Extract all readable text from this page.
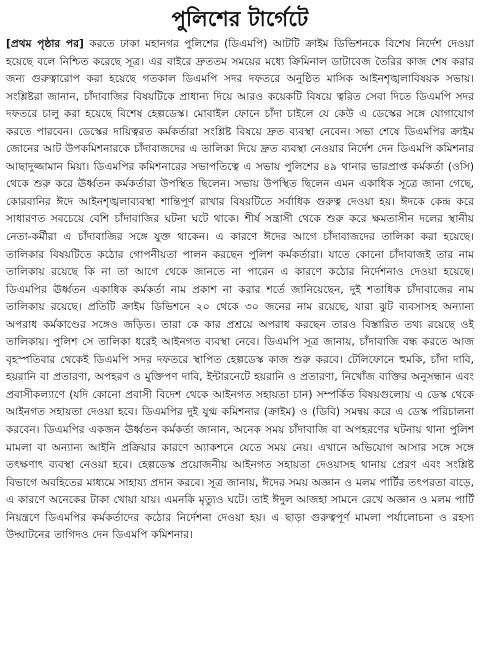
পুলিশের টার্গেটে

[প্রথম পৃষ্ঠার পর] করতে ঢাকা মহানগর পুলিশের (ডিএমপি) আটটি ক্রাইম ডিভিশনকে বিশেষ নির্দেশ দেওয়া হয়েছে বলে নিশ্চিত করেছে সূত্র। এর বাইরে দ্রুততম সময়ের মধ্যে ক্রিমিনাল ডাটাবেজ তৈরির কাজ শেষ করার জন্য গুরুত্বারোপ করা হয়েছে গতকাল ডিএমপি সদর দফতরে অনুষ্ঠিত মাসিক আইনশৃঙ্খলাবিষয়ক সভায়। সংশ্লিষ্টরা জানান, চাঁদাবাজির বিষয়টিকে প্রাধান্য দিয়ে আরও কয়েকটি বিষয়ে ত্বরিত সেবা দিতে ডিএমপি সদর দফতরে চালু করা হয়েছে বিশেষ হেল্পডেস্ক। মোবাইল ফোনে চাঁদা চাইলে যে কেউ এ ডেস্কের সঙ্গে যোগাযোগ করতে পারবেন। ডেস্কের দায়িত্বরত কর্মকর্তারা সংশ্লিষ্ট বিষয়ে দ্রুত ব্যবস্থা নেবেন। সভা শেষে ডিএমপির ক্রাইম জোনের আট উপকমিশনারকে চাঁদাবাজদের এ তালিকা দিয়ে দ্রুত ব্যবস্থা নেওয়ার নির্দেশ দেন ডিএমপি কমিশনার আছাদুজ্জামান মিয়া। ডিএমপির কমিশনারের সভাপতিত্বে এ সভায় পুলিশের ৪৯ থানার ভারপ্রাপ্ত কর্মকর্তা (ওসি) থেকে শুরু করে ঊর্ধ্বতন কর্মকর্তারা উপস্থিত ছিলেন। সভায় উপস্থিত ছিলেন এমন একাধিক সূত্রে জানা গেছে, কোরবানির ঈদে আইনশৃঙ্খলাব্যবস্থা শান্তিপূর্ণ রাখার বিষয়টিতে সর্বাধিক গুরুত্ব দেওয়া হয়। ঈদকে কেন্দ্র করে সাধারণত সবচেয়ে বেশি চাঁদাবাজির ঘটনা ঘটে থাকে। শীর্ষ সন্ত্রাসী থেকে শুরু করে ক্ষমতাসীন দলের স্থানীয় নেতা-কর্মীরা এ চাঁদাবাজির সঙ্গে যুক্ত থাকেন। এ কারণে ঈদের আগে চাঁদাবাজদের তালিকা করা হয়েছে। তালিকার বিষয়টিতে কঠোর গোপনীয়তা পালন করছেন পুলিশ কর্মকর্তারা। যাতে কোনো চাঁদাবাজই তার নাম তালিকায় রয়েছে কি না তা আগে থেকে জানতে না পারেন এ কারণে কঠোর নির্দেশনাও দেওয়া হয়েছে। ডিএমপির ঊর্ধ্বতন একাধিক কর্মকর্তা নাম প্রকাশ না করার শর্তে জানিয়েছেন, দুই শতাধিক চাঁদাবাজের নাম তালিকায় রয়েছে। প্রতিটি ক্রাইম ডিভিশনে ২০ থেকে ৩০ জনের নাম রয়েছে, যারা ঝুট ব্যবসাসহ অন্যান্য অপরাধ কর্মকাণ্ডের সঙ্গেও জড়িত। তারা কে কার প্রশ্রয়ে অপরাধ করছেন তারও বিস্তারিত তথ্য রয়েছে ওই তালিকায়। পুলিশ সে তালিকা ধরেই আইনগত ব্যবস্থা নেবে। ডিএমপি সূত্র জানায়, চাঁদাবাজি বন্ধ করতে আজ বৃহস্পতিবার থেকেই ডিএমপি সদর দফতরে স্থাপিত হেল্পডেস্ক কাজ শুরু করবে। টেলিফোনে হুমকি, চাঁদা দাবি, হয়রানি বা প্রতারণা, অপহরণ ও মুক্তিপণ দাবি, ইন্টারনেটে হয়রানি ও প্রতারণা, নিখোঁজ ব্যক্তির অনুসন্ধান এবং প্রবাসীকল্যাণে (যদি কোনো প্রবাসী বিদেশ থেকে আইনগত সহায়তা চান) সম্পর্কিত বিষয়গুলোয় এ ডেস্ক থেকে আইনগত সহায়তা দেওয়া হবে। ডিএমপির দুই যুগ্ম কমিশনার (ক্রাইম) ও (ডিবি) সমন্বয় করে এ ডেস্ক পরিচালনা করবেন। ডিএমপির একজন ঊর্ধ্বতন কর্মকর্তা জানান, অনেক সময় চাঁদাবাজি বা অপহরণের ঘটনায় থানা পুলিশ মামলা বা অন্যান্য আইনি প্রক্রিয়ার কারণে অ্যাকশনে যেতে সময় নেয়। এখানে অভিযোগ আসার সঙ্গে সঙ্গে তৎক্ষণাৎ ব্যবস্থা নেওয়া হবে। হেল্পডেস্ক প্রয়োজনীয় আইনগত সহায়তা দেওয়াসহ থানায় প্রেরণ এবং সংশ্লিষ্ট বিভাগে অবহিতের মাধ্যমে সাহায্য প্রদান করবে। সূত্র জানায়, ঈদের সময় অজ্ঞান ও মলম পার্টির তৎপরতা বাড়ে, এ কারণে অনেকের টাকা খোয়া যায়। এমনকি মৃত্যুও ঘটে। তাই ঈদুল আজহা সামনে রেখে অজ্ঞান ও মলম পার্টি নিয়ন্ত্রণে ডিএমপির কর্মকর্তাদের কঠোর নির্দেশনা দেওয়া হয়। এ ছাড়া গুরুত্বপূর্ণ মামলা পর্যালোচনা ও রহস্য উদ্ঘাটনের তাগিদও দেন ডিএমপি কমিশনার।
